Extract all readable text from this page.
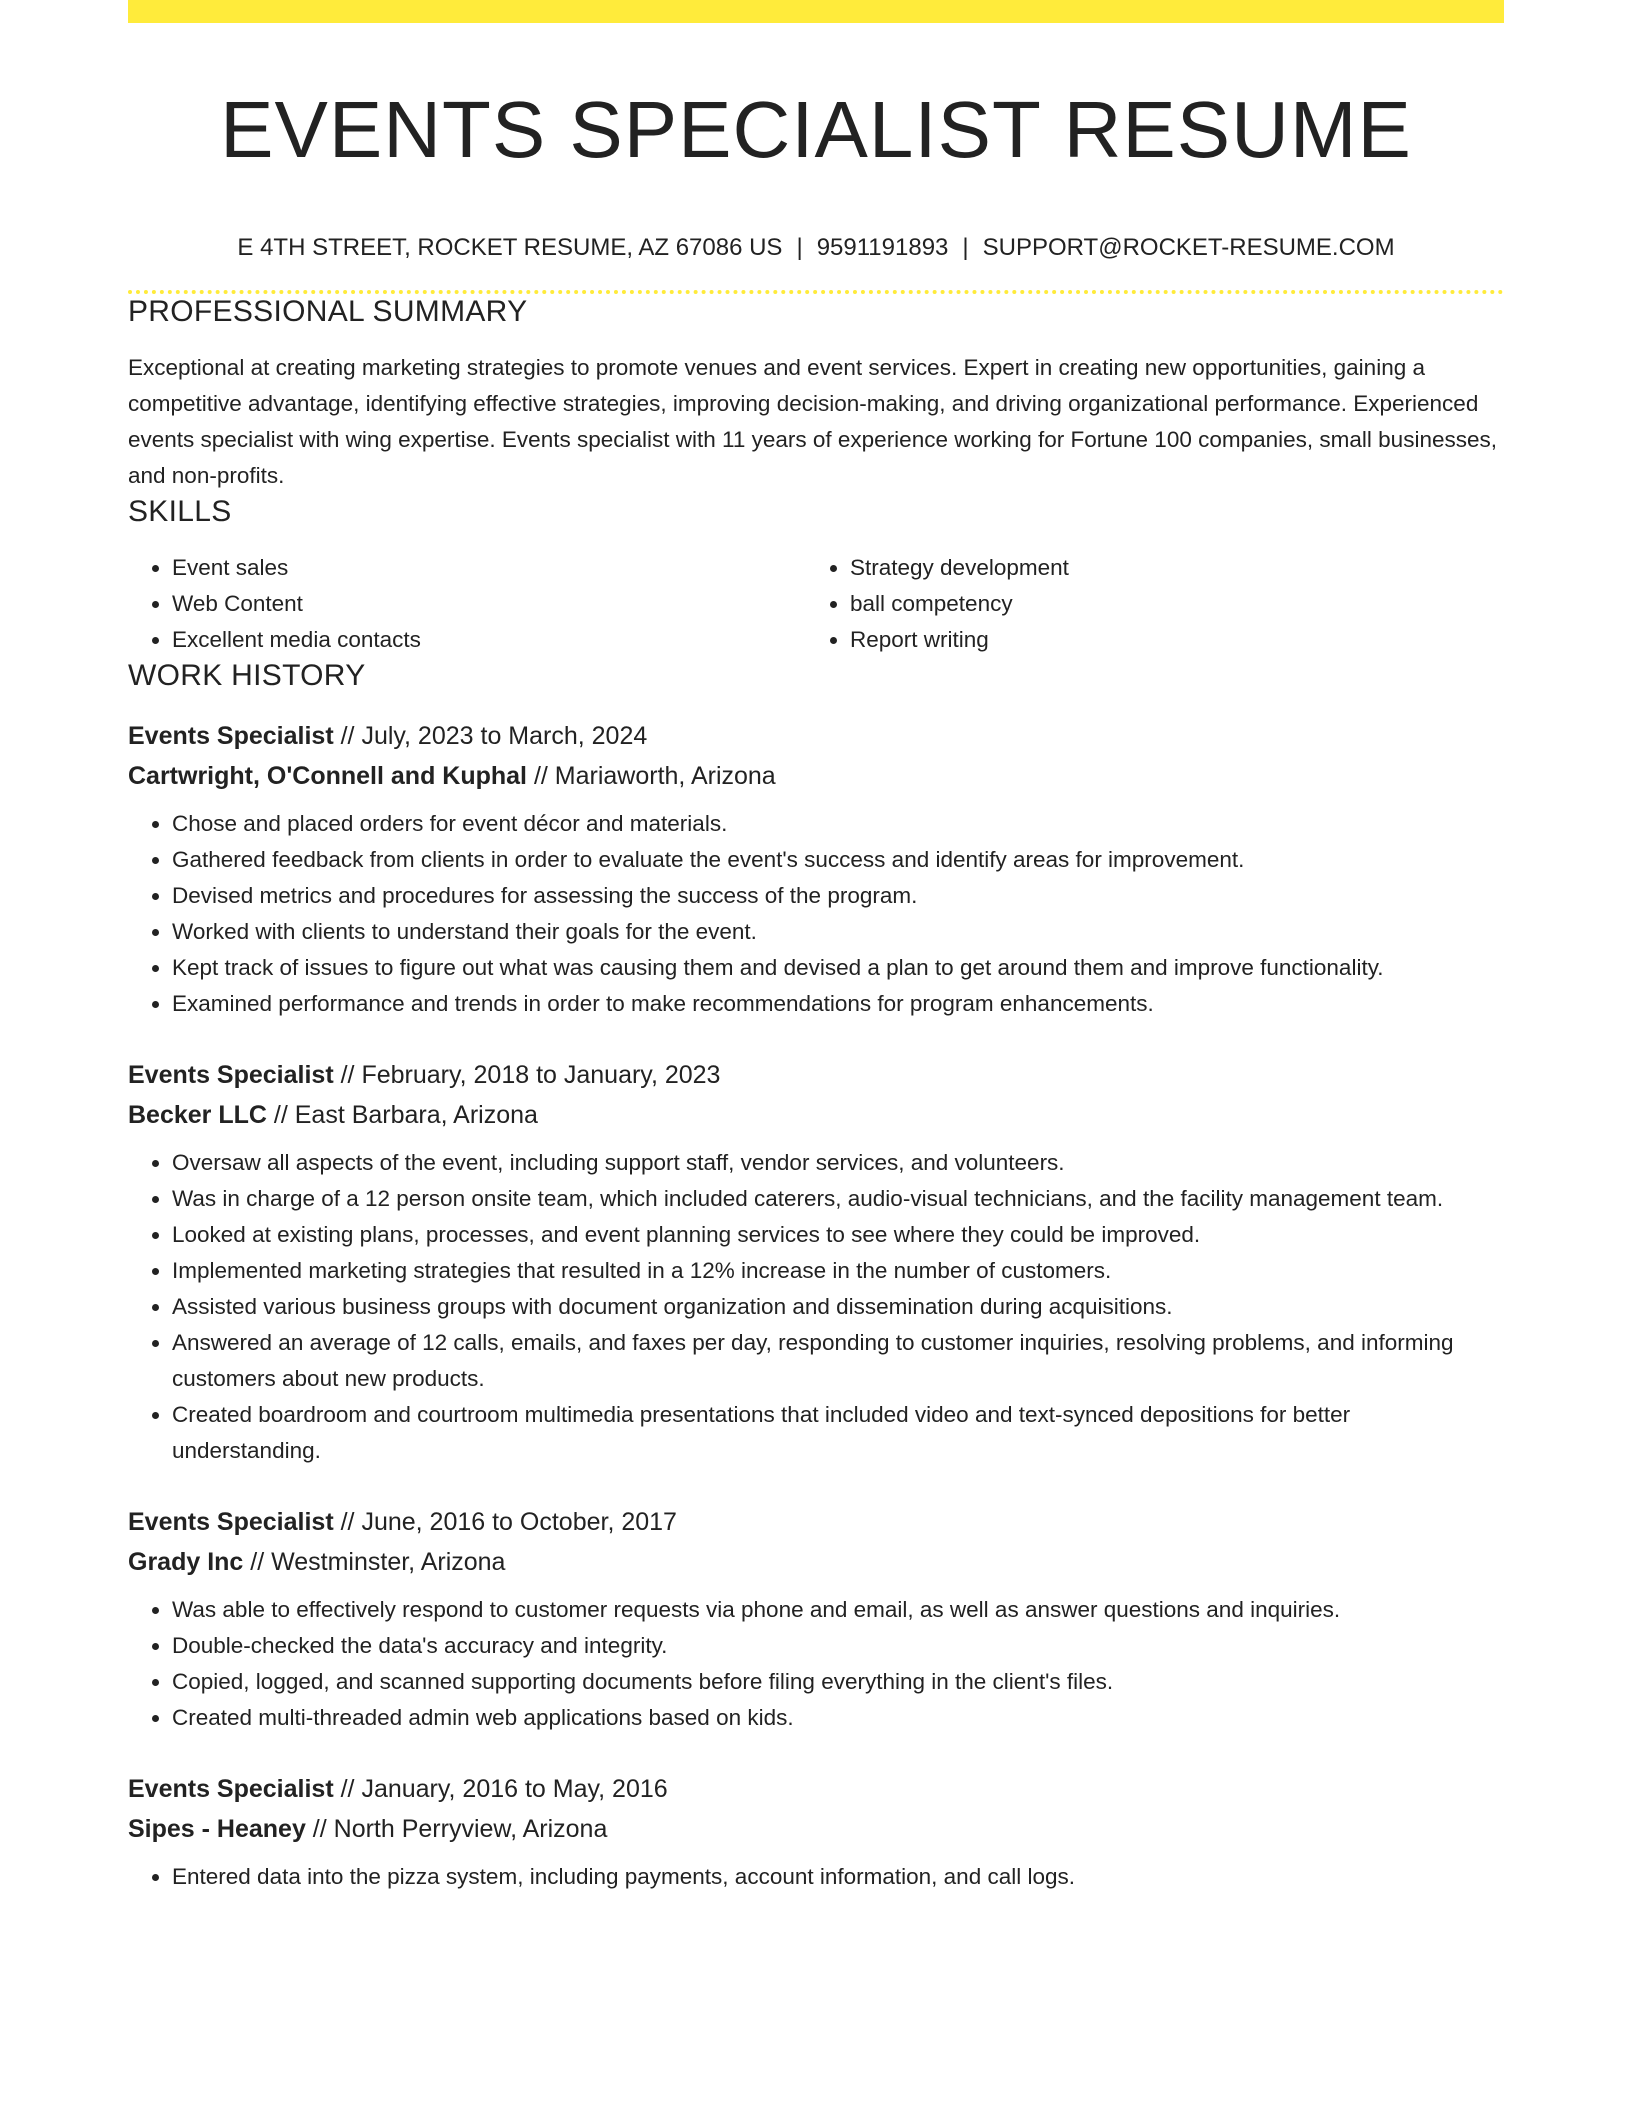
EVENTS SPECIALIST RESUME
E 4TH STREET, ROCKET RESUME, AZ 67086 US | 9591191893 | SUPPORT@ROCKET-RESUME.COM
PROFESSIONAL SUMMARY

Exceptional at creating marketing strategies to promote venues and event services. Expert in creating new opportunities, gaining a competitive advantage, identifying effective strategies, improving decision-making, and driving organizational performance. Experienced events specialist with wing expertise. Events specialist with 11 years of experience working for Fortune 100 companies, small businesses, and non-profits.

SKILLS
• Event sales
• Web Content
• Excellent media contacts
• Strategy development
• ball competency
• Report writing
WORK HISTORY
Events Specialist // July, 2023 to March, 2024
Cartwright, O'Connell and Kuphal // Mariaworth, Arizona
• Chose and placed orders for event décor and materials.
• Gathered feedback from clients in order to evaluate the event's success and identify areas for improvement.
• Devised metrics and procedures for assessing the success of the program.
• Worked with clients to understand their goals for the event.
• Kept track of issues to figure out what was causing them and devised a plan to get around them and improve functionality.
• Examined performance and trends in order to make recommendations for program enhancements.
Events Specialist // February, 2018 to January, 2023
Becker LLC // East Barbara, Arizona
• Oversaw all aspects of the event, including support staff, vendor services, and volunteers.
• Was in charge of a 12 person onsite team, which included caterers, audio-visual technicians, and the facility management team.
• Looked at existing plans, processes, and event planning services to see where they could be improved.
• Implemented marketing strategies that resulted in a 12% increase in the number of customers.
• Assisted various business groups with document organization and dissemination during acquisitions.
• Answered an average of 12 calls, emails, and faxes per day, responding to customer inquiries, resolving problems, and informing customers about new products.
• Created boardroom and courtroom multimedia presentations that included video and text-synced depositions for better understanding.
Events Specialist // June, 2016 to October, 2017
Grady Inc // Westminster, Arizona
• Was able to effectively respond to customer requests via phone and email, as well as answer questions and inquiries.
• Double-checked the data's accuracy and integrity.
• Copied, logged, and scanned supporting documents before filing everything in the client's files.
• Created multi-threaded admin web applications based on kids.
Events Specialist // January, 2016 to May, 2016
Sipes - Heaney // North Perryview, Arizona
• Entered data into the pizza system, including payments, account information, and call logs.
